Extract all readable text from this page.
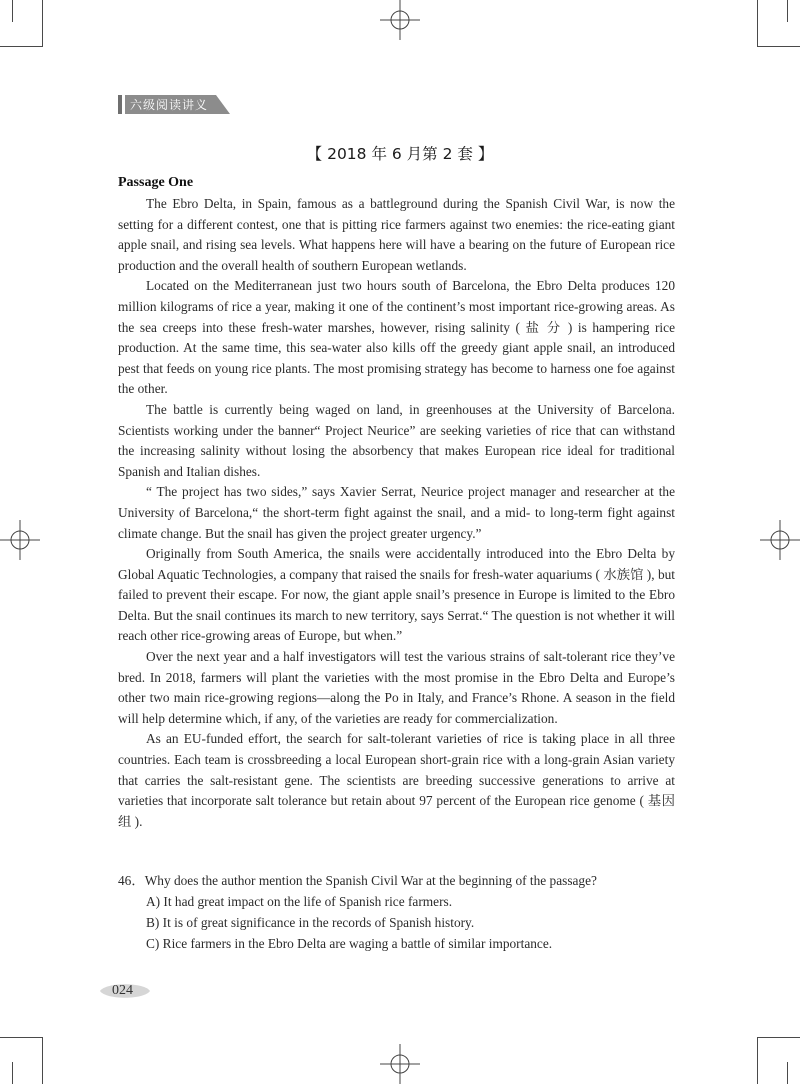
六级阅读讲义
【 2018 年 6 月第 2 套 】
Passage One

The Ebro Delta, in Spain, famous as a battleground during the Spanish Civil War, is now the setting for a different contest, one that is pitting rice farmers against two enemies: the rice-eating giant apple snail, and rising sea levels. What happens here will have a bearing on the future of European rice production and the overall health of southern European wetlands.

Located on the Mediterranean just two hours south of Barcelona, the Ebro Delta produces 120 million kilograms of rice a year, making it one of the continent’s most important rice-growing areas. As the sea creeps into these fresh-water marshes, however, rising salinity ( 盐 分 ) is hampering rice production. At the same time, this sea-water also kills off the greedy giant apple snail, an introduced pest that feeds on young rice plants. The most promising strategy has become to harness one foe against the other.

The battle is currently being waged on land, in greenhouses at the University of Barcelona. Scientists working under the banner“ Project Neurice” are seeking varieties of rice that can withstand the increasing salinity without losing the absorbency that makes European rice ideal for traditional Spanish and Italian dishes.

“ The project has two sides,” says Xavier Serrat, Neurice project manager and researcher at the University of Barcelona,“ the short-term fight against the snail, and a mid- to long-term fight against climate change. But the snail has given the project greater urgency.”

Originally from South America, the snails were accidentally introduced into the Ebro Delta by Global Aquatic Technologies, a company that raised the snails for fresh-water aquariums ( 水族馆 ), but failed to prevent their escape. For now, the giant apple snail’s presence in Europe is limited to the Ebro Delta. But the snail continues its march to new territory, says Serrat.“ The question is not whether it will reach other rice-growing areas of Europe, but when.”

Over the next year and a half investigators will test the various strains of salt-tolerant rice they’ve bred. In 2018, farmers will plant the varieties with the most promise in the Ebro Delta and Europe’s other two main rice-growing regions—along the Po in Italy, and France’s Rhone. A season in the field will help determine which, if any, of the varieties are ready for commercialization.

As an EU-funded effort, the search for salt-tolerant varieties of rice is taking place in all three countries. Each team is crossbreeding a local European short-grain rice with a long-grain Asian variety that carries the salt-resistant gene. The scientists are breeding successive generations to arrive at varieties that incorporate salt tolerance but retain about 97 percent of the European rice genome ( 基因组 ).

46．Why does the author mention the Spanish Civil War at the beginning of the passage?

A) It had great impact on the life of Spanish rice farmers.

B) It is of great significance in the records of Spanish history.

C) Rice farmers in the Ebro Delta are waging a battle of similar importance.

024
